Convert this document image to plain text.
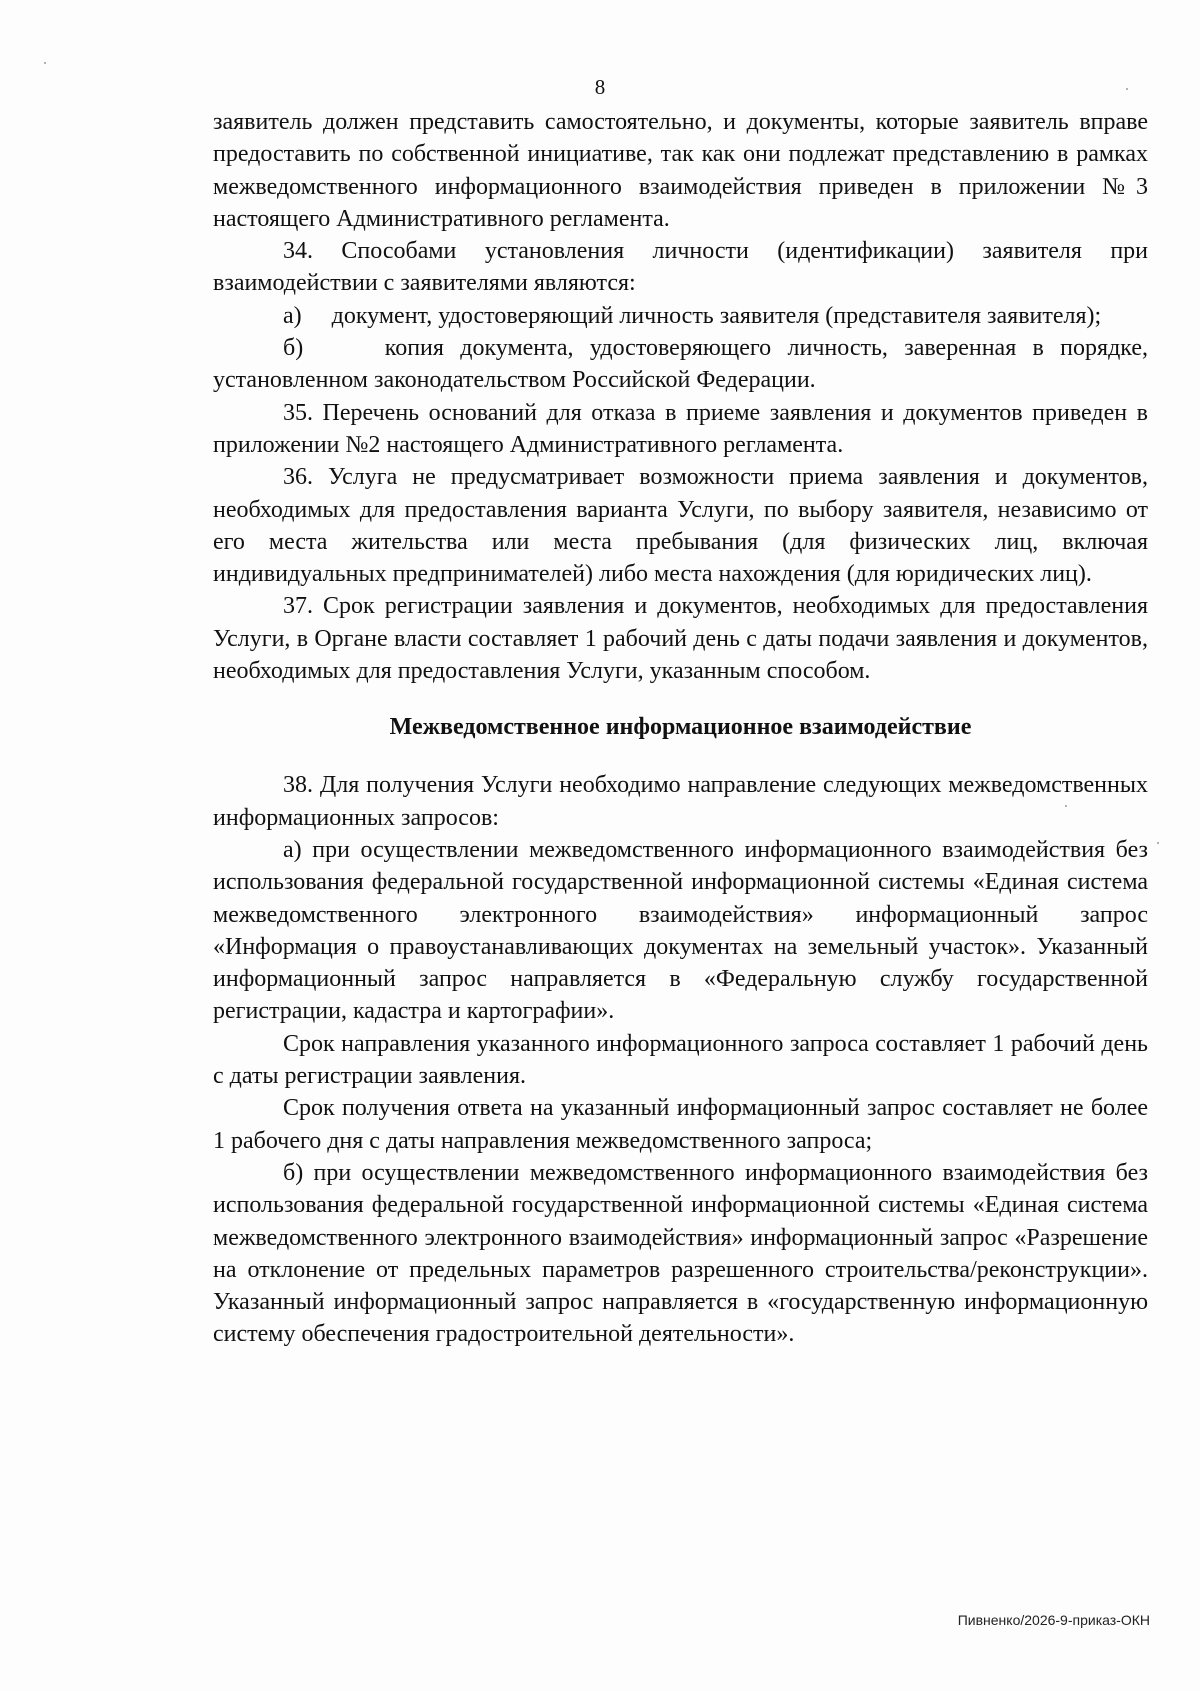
8

заявитель должен представить самостоятельно, и документы, которые заявитель вправе предоставить по собственной инициативе, так как они подлежат представлению в рамках межведомственного информационного взаимодействия приведен в приложении №3 настоящего Административного регламента.

34. Способами установления личности (идентификации) заявителя при взаимодействии с заявителями являются:

а)     документ, удостоверяющий личность заявителя (представителя заявителя);

б)     копия документа, удостоверяющего личность, заверенная в порядке, установленном законодательством Российской Федерации.

35. Перечень оснований для отказа в приеме заявления и документов приведен в приложении №2 настоящего Административного регламента.

36. Услуга не предусматривает возможности приема заявления и документов, необходимых для предоставления варианта Услуги, по выбору заявителя, независимо от его места жительства или места пребывания (для физических лиц, включая индивидуальных предпринимателей) либо места нахождения (для юридических лиц).

37. Срок регистрации заявления и документов, необходимых для предоставления Услуги, в Органе власти составляет 1 рабочий день с даты подачи заявления и документов, необходимых для предоставления Услуги, указанным способом.

Межведомственное информационное взаимодействие

38. Для получения Услуги необходимо направление следующих межведомственных информационных запросов:

а) при осуществлении межведомственного информационного взаимодействия без использования федеральной государственной информационной системы «Единая система межведомственного электронного взаимодействия» информационный запрос «Информация о правоустанавливающих документах на земельный участок». Указанный информационный запрос направляется в «Федеральную службу государственной регистрации, кадастра и картографии».

Срок направления указанного информационного запроса составляет 1 рабочий день с даты регистрации заявления.

Срок получения ответа на указанный информационный запрос составляет не более 1 рабочего дня с даты направления межведомственного запроса;

б) при осуществлении межведомственного информационного взаимодействия без использования федеральной государственной информационной системы «Единая система межведомственного электронного взаимодействия» информационный запрос «Разрешение на отклонение от предельных параметров разрешенного строительства/реконструкции». Указанный информационный запрос направляется в «государственную информационную систему обеспечения градостроительной деятельности».

Пивненко/2026-9-приказ-ОКН
